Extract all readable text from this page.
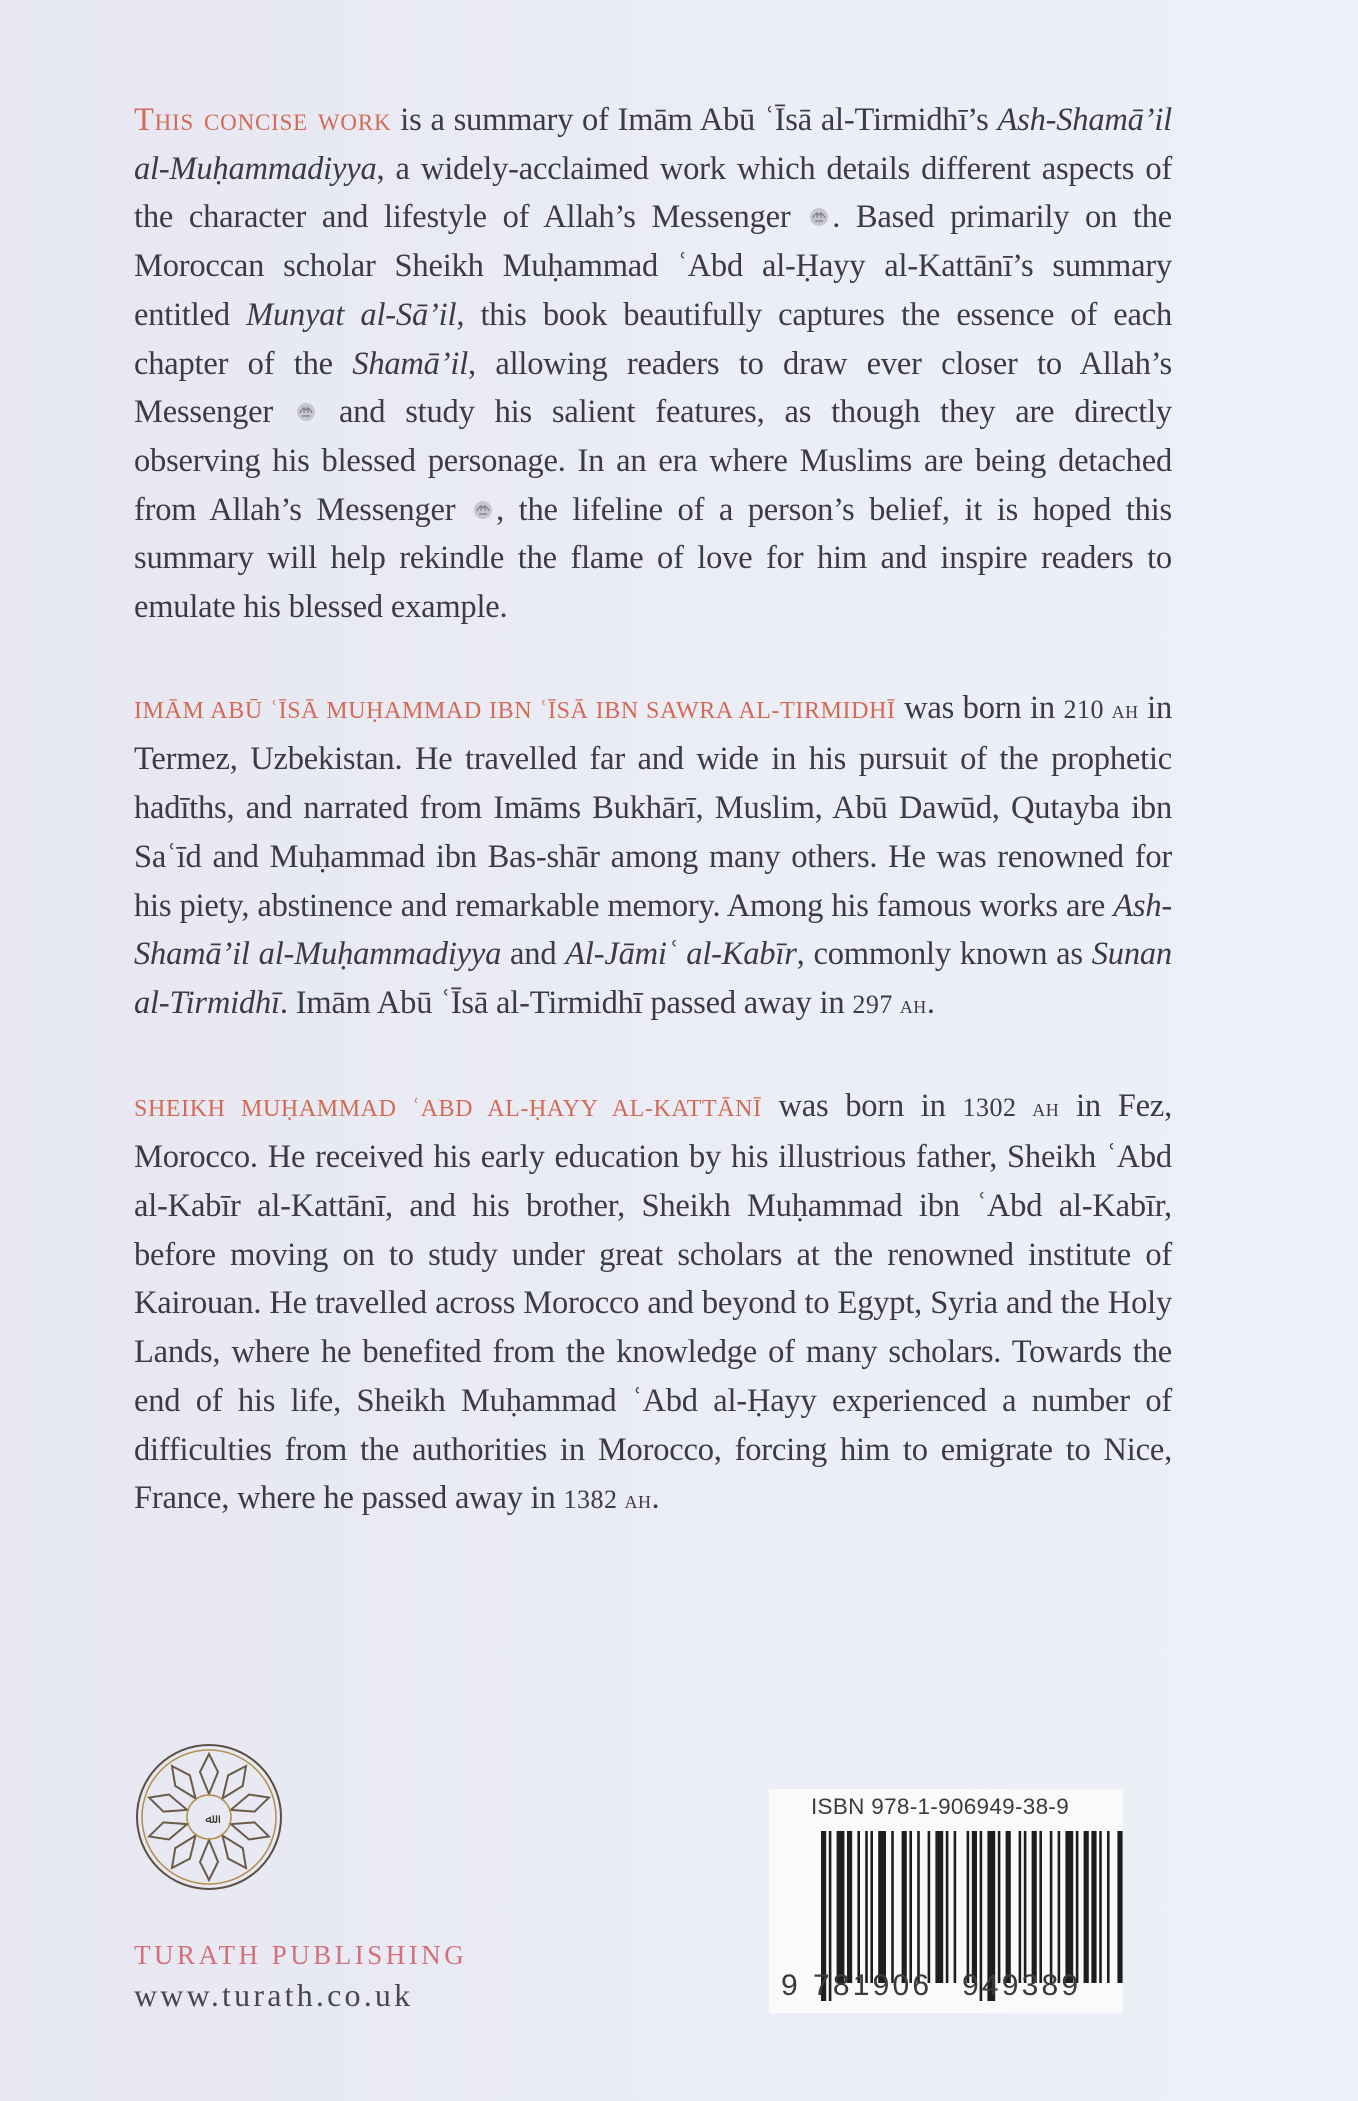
This concise work is a summary of Imām Abū ʿĪsā al-Tirmidhī’s Ash-Shamā’il al-Muḥammadiyya, a widely-acclaimed work which details different aspects of the character and lifestyle of Allah’s Messenger . Based primarily on the Moroccan scholar Sheikh Muḥammad ʿAbd al-Ḥayy al-Kattānī’s summary entitled Munyat al-Sā’il, this book beautifully captures the essence of each chapter of the Shamā’il, allowing readers to draw ever closer to Allah’s Messenger and study his salient features, as though they are directly observing his blessed personage. In an era where Muslims are being detached from Allah’s Messenger , the lifeline of a person’s belief, it is hoped this summary will help rekindle the flame of love for him and inspire readers to emulate his blessed example.

IMĀM ABŪ ʿĪSĀ MUḤAMMAD IBN ʿĪSĀ IBN SAWRA AL-TIRMIDHĪ was born in 210 ah in Termez, Uzbekistan. He travelled far and wide in his pursuit of the prophetic hadīths, and narrated from Imāms Bukhārī, Muslim, Abū Dawūd, Qutayba ibn Saʿīd and Muḥammad ibn Bas-shār among many others. He was renowned for his piety, abstinence and remarkable memory. Among his famous works are Ash-Shamā’il al-Muḥammadiyya and Al-Jāmiʿ al-Kabīr, commonly known as Sunan al-Tirmidhī. Imām Abū ʿĪsā al-Tirmidhī passed away in 297 ah.

SHEIKH MUḤAMMAD ʿABD AL-ḤAYY AL-KATTĀNĪ was born in 1302 ah in Fez, Morocco. He received his early education by his illustrious father, Sheikh ʿAbd al-Kabīr al-Kattānī, and his brother, Sheikh Muḥammad ibn ʿAbd al-Kabīr, before moving on to study under great scholars at the renowned institute of Kairouan. He travelled across Morocco and beyond to Egypt, Syria and the Holy Lands, where he benefited from the knowledge of many scholars. Towards the end of his life, Sheikh Muḥammad ʿAbd al-Ḥayy experienced a number of difficulties from the authorities in Morocco, forcing him to emigrate to Nice, France, where he passed away in 1382 ah.

ﷲ
TURATH PUBLISHING
www.turath.co.uk
ISBN 978-1-906949-38-9
9 781906 949389
